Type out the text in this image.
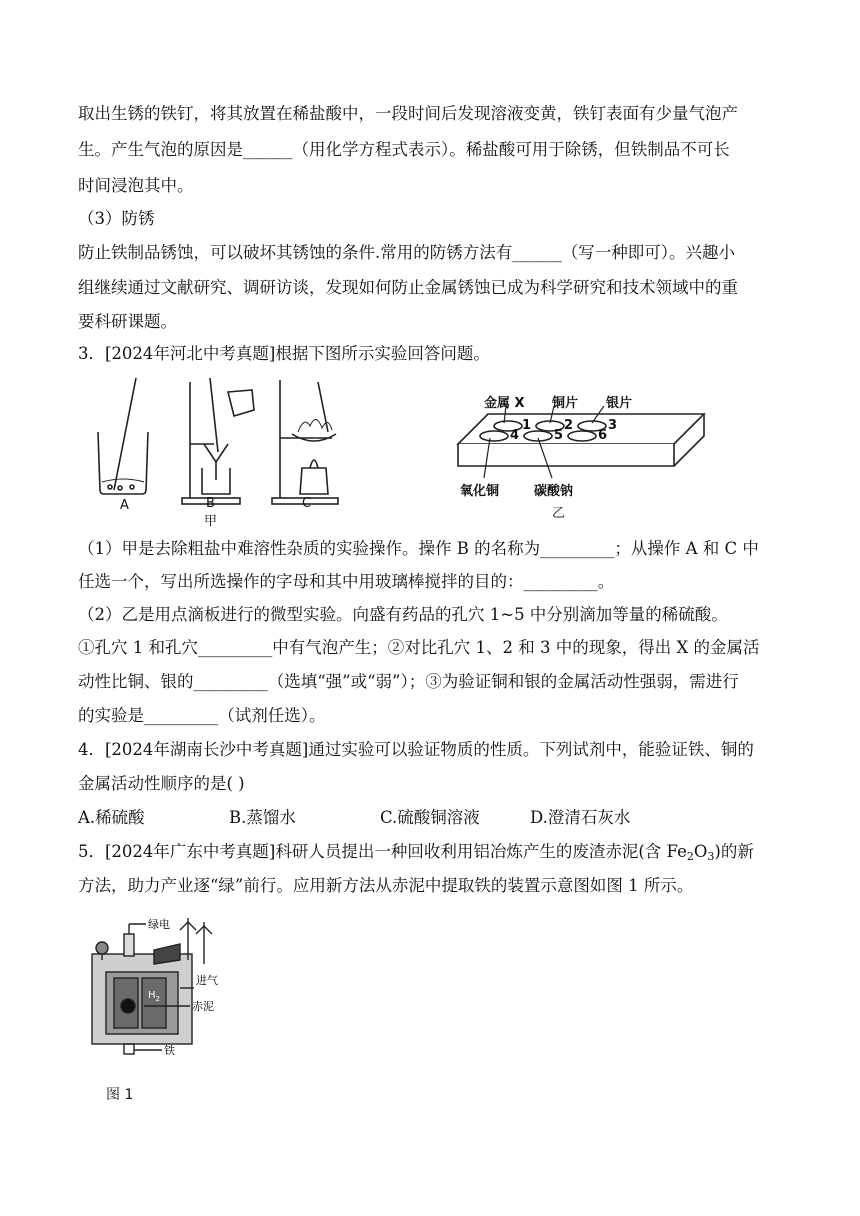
取出生锈的铁钉，将其放置在稀盐酸中，一段时间后发现溶液变黄，铁钉表面有少量气泡产
生。产生气泡的原因是______（用化学方程式表示）。稀盐酸可用于除锈，但铁制品不可长
时间浸泡其中。
（3）防锈
防止铁制品锈蚀，可以破坏其锈蚀的条件.常用的防锈方法有______（写一种即可）。兴趣小
组继续通过文献研究、调研访谈，发现如何防止金属锈蚀已成为科学研究和技术领域中的重
要科研课题。
3．[2024年河北中考真题]根据下图所示实验回答问题。
A	B	C
甲
金属 X 铜片 银片
1	2	3
4	5	6
氧化铜	碳酸钠
乙
（1）甲是去除粗盐中难溶性杂质的实验操作。操作 B 的名称为_________；从操作 A 和 C 中
任选一个，写出所选操作的字母和其中用玻璃棒搅拌的目的：_________。
（2）乙是用点滴板进行的微型实验。向盛有药品的孔穴 1~5 中分别滴加等量的稀硫酸。
①孔穴 1 和孔穴_________中有气泡产生；②对比孔穴 1、2 和 3 中的现象，得出 X 的金属活
动性比铜、银的_________（选填“强”或“弱”）；③为验证铜和银的金属活动性强弱，需进行
的实验是_________（试剂任选）。
4．[2024年湖南长沙中考真题]通过实验可以验证物质的性质。下列试剂中，能验证铁、铜的
金属活动性顺序的是( )
A.稀硫酸	B.蒸馏水	C.硫酸铜溶液	D.澄清石灰水
5．[2024年广东中考真题]科研人员提出一种回收利用铝冶炼产生的废渣赤泥(含 $Fe_2O_3$)的新
方法，助力产业逐“绿”前行。应用新方法从赤泥中提取铁的装置示意图如图 1 所示。
绿电
进气
赤泥
铁
$H_2$
图 1
